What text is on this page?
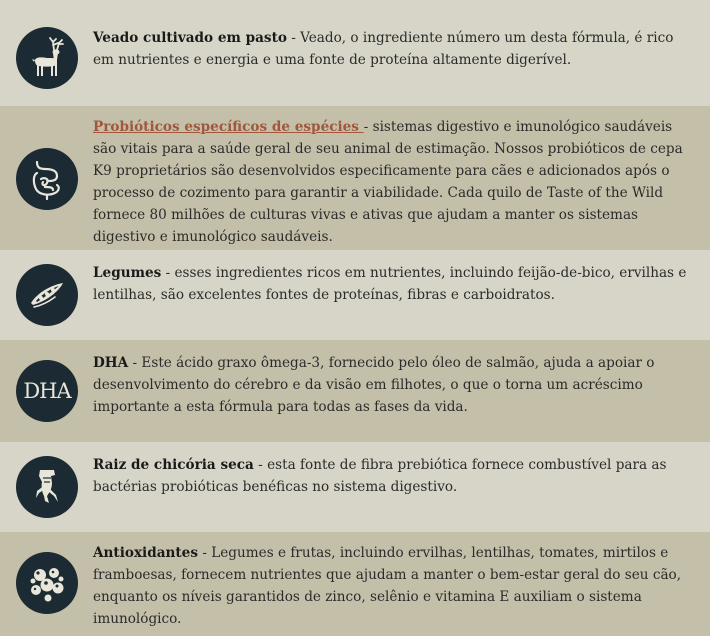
Veado cultivado em pasto - Veado, o ingrediente número um desta fórmula, é rico em nutrientes e energia e uma fonte de proteína altamente digerível.
Probióticos específicos de espécies - sistemas digestivo e imunológico saudáveis são vitais para a saúde geral de seu animal de estimação. Nossos probióticos de cepa K9 proprietários são desenvolvidos especificamente para cães e adicionados após o processo de cozimento para garantir a viabilidade. Cada quilo de Taste of the Wild fornece 80 milhões de culturas vivas e ativas que ajudam a manter os sistemas digestivo e imunológico saudáveis.
Legumes - esses ingredientes ricos em nutrientes, incluindo feijão-de-bico, ervilhas e lentilhas, são excelentes fontes de proteínas, fibras e carboidratos.
DHA
DHA - Este ácido graxo ômega-3, fornecido pelo óleo de salmão, ajuda a apoiar o desenvolvimento do cérebro e da visão em filhotes, o que o torna um acréscimo importante a esta fórmula para todas as fases da vida.
Raiz de chicória seca - esta fonte de fibra prebiótica fornece combustível para as bactérias probióticas benéficas no sistema digestivo.
Antioxidantes - Legumes e frutas, incluindo ervilhas, lentilhas, tomates, mirtilos e framboesas, fornecem nutrientes que ajudam a manter o bem-estar geral do seu cão, enquanto os níveis garantidos de zinco, selênio e vitamina E auxiliam o sistema imunológico.
